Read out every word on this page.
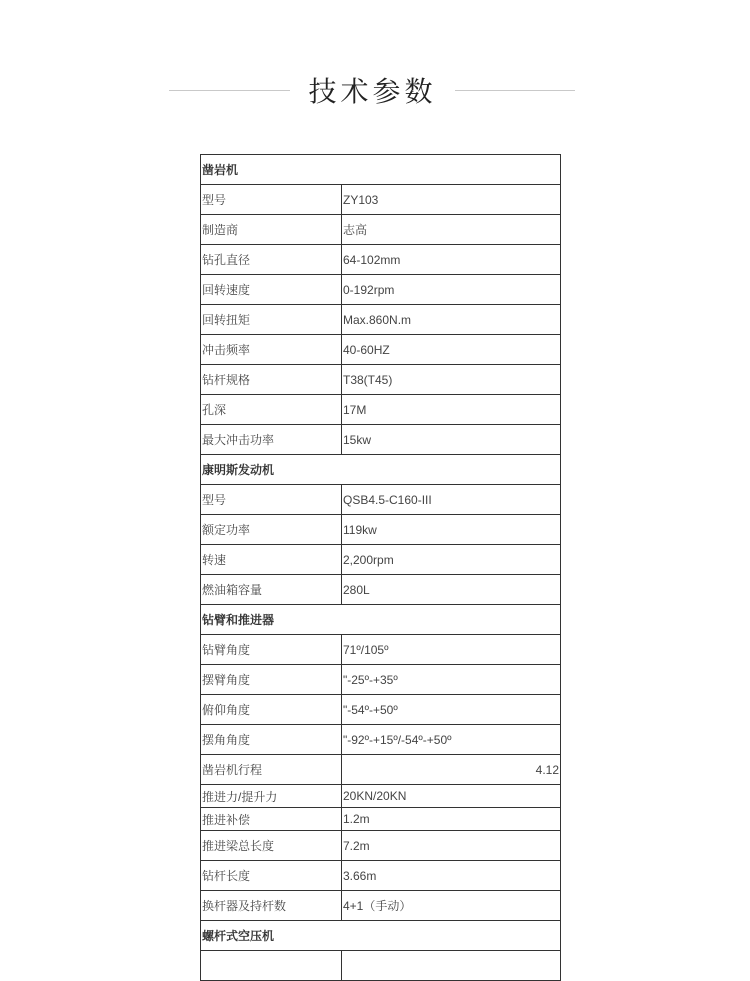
技术参数
凿岩机	
型号	ZY103
制造商	志高
钻孔直径	64-102mm
回转速度	0-192rpm
回转扭矩	Max.860N.m
冲击频率	40-60HZ
钻杆规格	T38(T45)
孔深	17M
最大冲击功率	15kw
康明斯发动机	
型号	QSB4.5-C160-III
额定功率	119kw
转速	2,200rpm
燃油箱容量	280L
钻臂和推进器	
钻臂角度	71º/105º
摆臂角度	"-25º-+35º
俯仰角度	"-54º-+50º
摆角角度	"-92º-+15º/-54º-+50º
凿岩机行程	4.12
推进力/提升力	20KN/20KN
推进补偿	1.2m
推进梁总长度	7.2m
钻杆长度	3.66m
换杆器及持杆数	4+1（手动）
螺杆式空压机	
